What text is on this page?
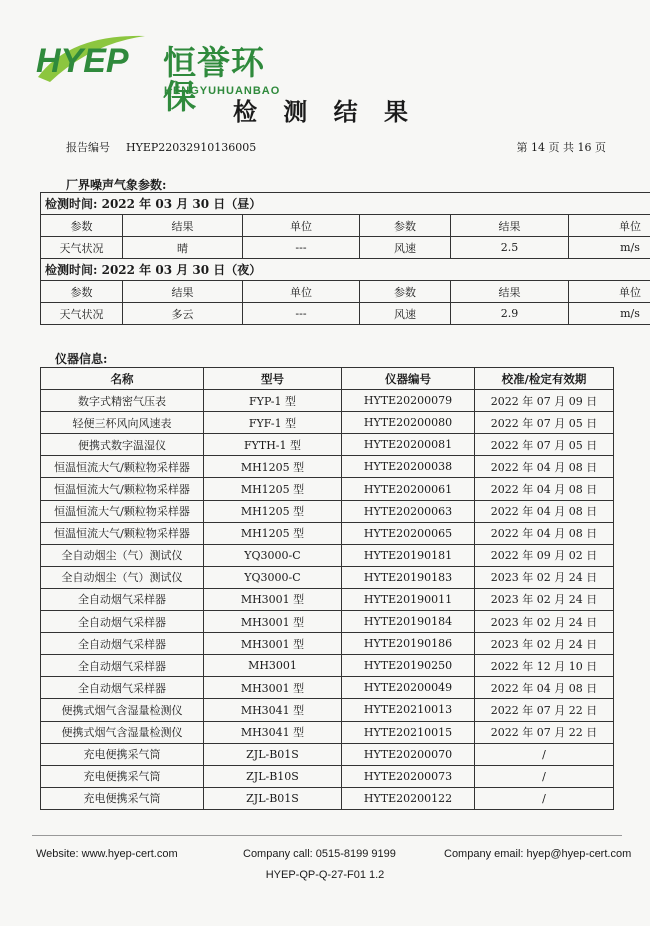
HYEP 恒誉环保
HENGYUHUANBAO
检 测 结 果
报告编号 HYEP22032910136005	第 14 页 共 16 页
厂界噪声气象参数:
检测时间: 2022 年 03 月 30 日（昼）					
参数	结果	单位	参数	结果	单位
天气状况	晴	---	风速	2.5	m/s
检测时间: 2022 年 03 月 30 日（夜）					
参数	结果	单位	参数	结果	单位
天气状况	多云	---	风速	2.9	m/s
仪器信息:
名称	型号	仪器编号	校准/检定有效期
数字式精密气压表	FYP-1 型	HYTE20200079	2022 年 07 月 09 日
轻便三杯风向风速表	FYF-1 型	HYTE20200080	2022 年 07 月 05 日
便携式数字温湿仪	FYTH-1 型	HYTE20200081	2022 年 07 月 05 日
恒温恒流大气/颗粒物采样器	MH1205 型	HYTE20200038	2022 年 04 月 08 日
恒温恒流大气/颗粒物采样器	MH1205 型	HYTE20200061	2022 年 04 月 08 日
恒温恒流大气/颗粒物采样器	MH1205 型	HYTE20200063	2022 年 04 月 08 日
恒温恒流大气/颗粒物采样器	MH1205 型	HYTE20200065	2022 年 04 月 08 日
全自动烟尘（气）测试仪	YQ3000-C	HYTE20190181	2022 年 09 月 02 日
全自动烟尘（气）测试仪	YQ3000-C	HYTE20190183	2023 年 02 月 24 日
全自动烟气采样器	MH3001 型	HYTE20190011	2023 年 02 月 24 日
全自动烟气采样器	MH3001 型	HYTE20190184	2023 年 02 月 24 日
全自动烟气采样器	MH3001 型	HYTE20190186	2023 年 02 月 24 日
全自动烟气采样器	MH3001	HYTE20190250	2022 年 12 月 10 日
全自动烟气采样器	MH3001 型	HYTE20200049	2022 年 04 月 08 日
便携式烟气含湿量检测仪	MH3041 型	HYTE20210013	2022 年 07 月 22 日
便携式烟气含湿量检测仪	MH3041 型	HYTE20210015	2022 年 07 月 22 日
充电便携采气筒	ZJL-B01S	HYTE20200070	/
充电便携采气筒	ZJL-B10S	HYTE20200073	/
充电便携采气筒	ZJL-B01S	HYTE20200122	/
Website: www.hyep-cert.com	Company call: 0515-8199 9199	Company email: hyep@hyep-cert.com
HYEP-QP-Q-27-F01 1.2
